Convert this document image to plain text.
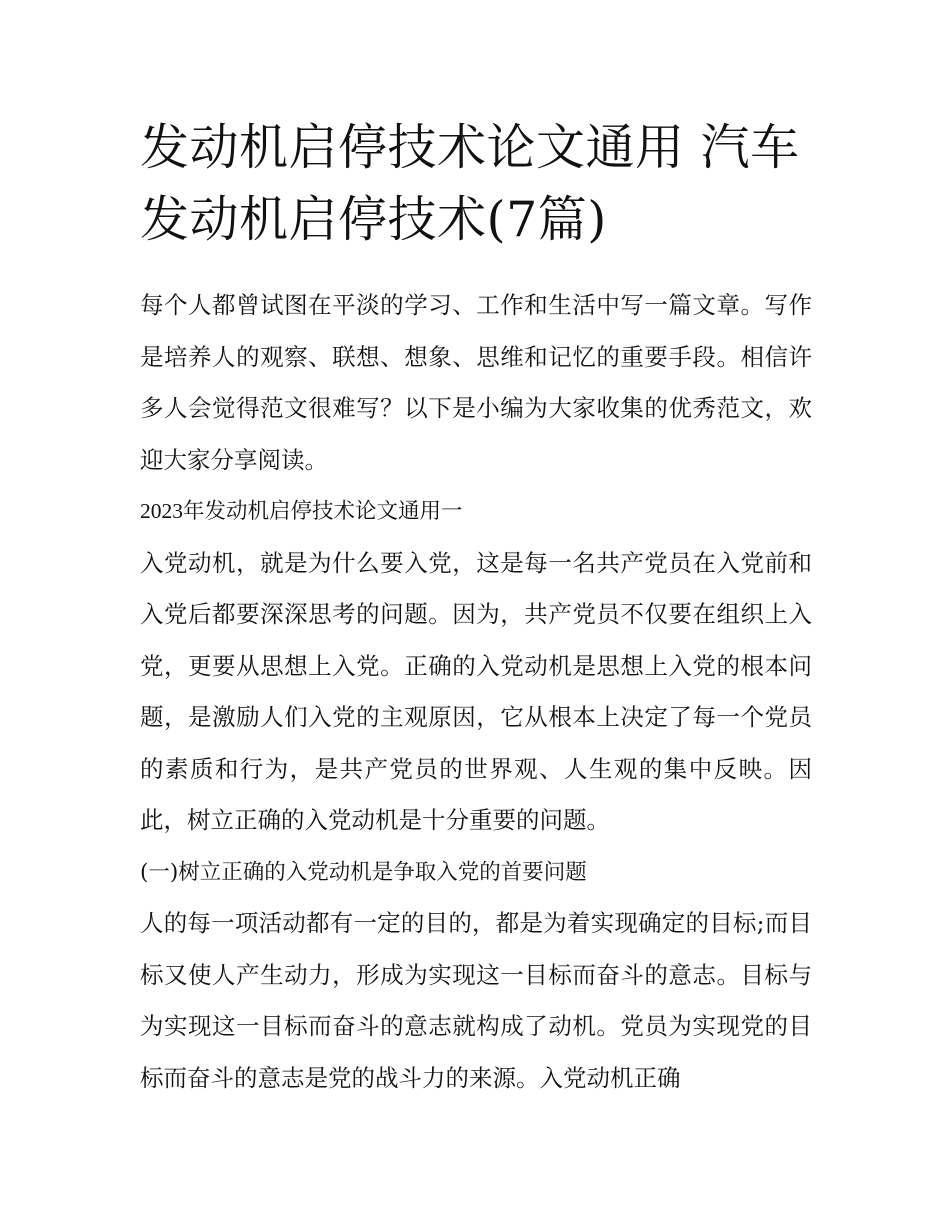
发动机启停技术论文通用 汽车发动机启停技术(7篇)

每个人都曾试图在平淡的学习、工作和生活中写一篇文章。写作是培养人的观察、联想、想象、思维和记忆的重要手段。相信许多人会觉得范文很难写？以下是小编为大家收集的优秀范文，欢迎大家分享阅读。

2023年发动机启停技术论文通用一

入党动机，就是为什么要入党，这是每一名共产党员在入党前和入党后都要深深思考的问题。因为，共产党员不仅要在组织上入党，更要从思想上入党。正确的入党动机是思想上入党的根本问题，是激励人们入党的主观原因，它从根本上决定了每一个党员的素质和行为，是共产党员的世界观、人生观的集中反映。因此，树立正确的入党动机是十分重要的问题。

(一)树立正确的入党动机是争取入党的首要问题

人的每一项活动都有一定的目的，都是为着实现确定的目标;而目标又使人产生动力，形成为实现这一目标而奋斗的意志。目标与为实现这一目标而奋斗的意志就构成了动机。党员为实现党的目标而奋斗的意志是党的战斗力的来源。入党动机正确
